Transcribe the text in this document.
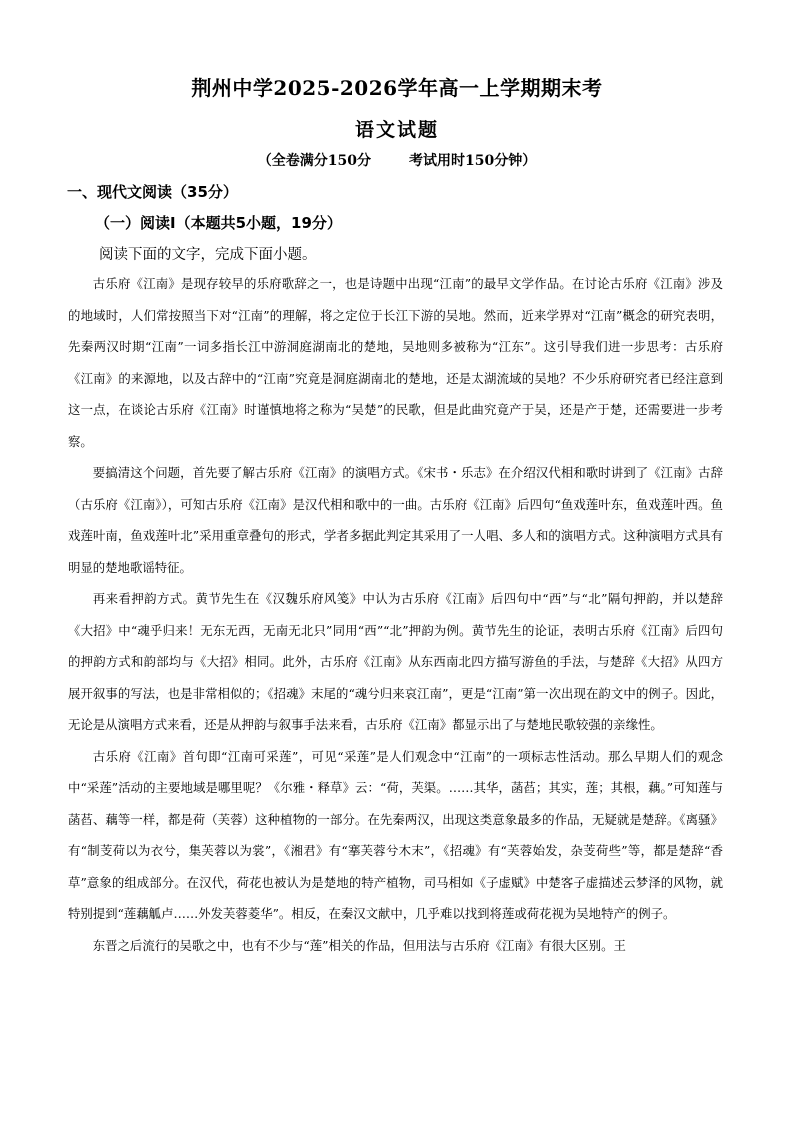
荆州中学2025-2026学年高一上学期期末考
语文试题
（全卷满分150分	考试用时150分钟）
一、现代文阅读（35分）
（一）阅读Ⅰ（本题共5小题，19分）
阅读下面的文字，完成下面小题。

古乐府《江南》是现存较早的乐府歌辞之一，也是诗题中出现“江南”的最早文学作品。在讨论古乐府《江南》涉及的地域时，人们常按照当下对“江南”的理解，将之定位于长江下游的吴地。然而，近来学界对“江南”概念的研究表明，先秦两汉时期“江南”一词多指长江中游洞庭湖南北的楚地，吴地则多被称为“江东”。这引导我们进一步思考：古乐府《江南》的来源地，以及古辞中的“江南”究竟是洞庭湖南北的楚地，还是太湖流域的吴地？不少乐府研究者已经注意到这一点，在谈论古乐府《江南》时谨慎地将之称为“吴楚”的民歌，但是此曲究竟产于吴，还是产于楚，还需要进一步考察。

要搞清这个问题，首先要了解古乐府《江南》的演唱方式。《宋书・乐志》在介绍汉代相和歌时讲到了《江南》古辞（古乐府《江南》），可知古乐府《江南》是汉代相和歌中的一曲。古乐府《江南》后四句“鱼戏莲叶东，鱼戏莲叶西。鱼戏莲叶南，鱼戏莲叶北”采用重章叠句的形式，学者多据此判定其采用了一人唱、多人和的演唱方式。这种演唱方式具有明显的楚地歌谣特征。

再来看押韵方式。黄节先生在《汉魏乐府风笺》中认为古乐府《江南》后四句中“西”与“北”隔句押韵，并以楚辞《大招》中“魂乎归来！无东无西，无南无北只”同用“西”“北”押韵为例。黄节先生的论证，表明古乐府《江南》后四句的押韵方式和韵部均与《大招》相同。此外，古乐府《江南》从东西南北四方描写游鱼的手法，与楚辞《大招》从四方展开叙事的写法，也是非常相似的；《招魂》末尾的“魂兮归来哀江南”，更是“江南”第一次出现在韵文中的例子。因此，无论是从演唱方式来看，还是从押韵与叙事手法来看，古乐府《江南》都显示出了与楚地民歌较强的亲缘性。

古乐府《江南》首句即“江南可采莲”，可见“采莲”是人们观念中“江南”的一项标志性活动。那么早期人们的观念中“采莲”活动的主要地域是哪里呢？《尔雅・释草》云：“荷，芙渠。……其华，菡萏；其实，莲；其根，藕。”可知莲与菡萏、藕等一样，都是荷（芙蓉）这种植物的一部分。在先秦两汉，出现这类意象最多的作品，无疑就是楚辞。《离骚》有“制芰荷以为衣兮，集芙蓉以为裳”，《湘君》有“搴芙蓉兮木末”，《招魂》有“芙蓉始发，杂芰荷些”等，都是楚辞“香草”意象的组成部分。在汉代，荷花也被认为是楚地的特产植物，司马相如《子虚赋》中楚客子虚描述云梦泽的风物，就特别提到“莲藕觚卢……外发芙蓉菱华”。相反，在秦汉文献中，几乎难以找到将莲或荷花视为吴地特产的例子。

东晋之后流行的吴歌之中，也有不少与“莲”相关的作品，但用法与古乐府《江南》有很大区别。王
